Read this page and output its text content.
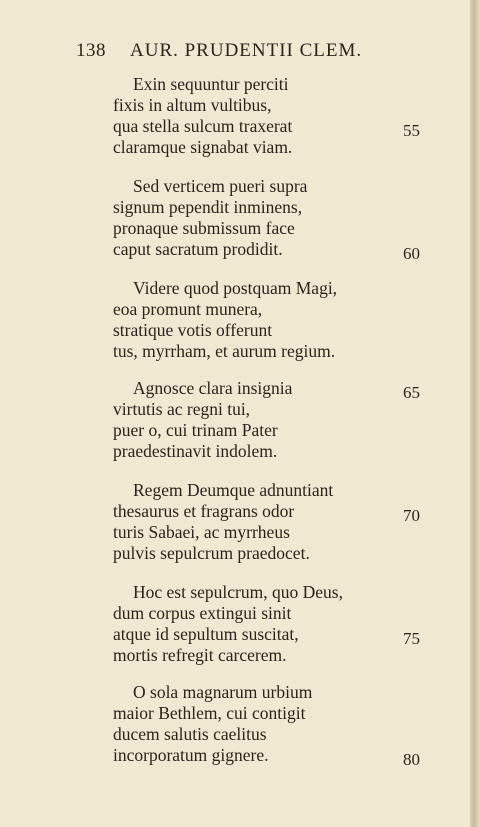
138 AUR. PRUDENTII CLEM.
Exin sequuntur perciti
fixis in altum vultibus,
qua stella sulcum traxerat	55
claramque signabat viam.
Sed verticem pueri supra
signum pependit inminens,
pronaque submissum face
caput sacratum prodidit.	60
Videre quod postquam Magi,
eoa promunt munera,
stratique votis offerunt
tus, myrrham, et aurum regium.
Agnosce clara insignia	65
virtutis ac regni tui,
puer o, cui trinam Pater
praedestinavit indolem.
Regem Deumque adnuntiant
thesaurus et fragrans odor	70
turis Sabaei, ac myrrheus
pulvis sepulcrum praedocet.
Hoc est sepulcrum, quo Deus,
dum corpus extingui sinit
atque id sepultum suscitat,	75
mortis refregit carcerem.
O sola magnarum urbium
maior Bethlem, cui contigit
ducem salutis caelitus
incorporatum gignere.	80
